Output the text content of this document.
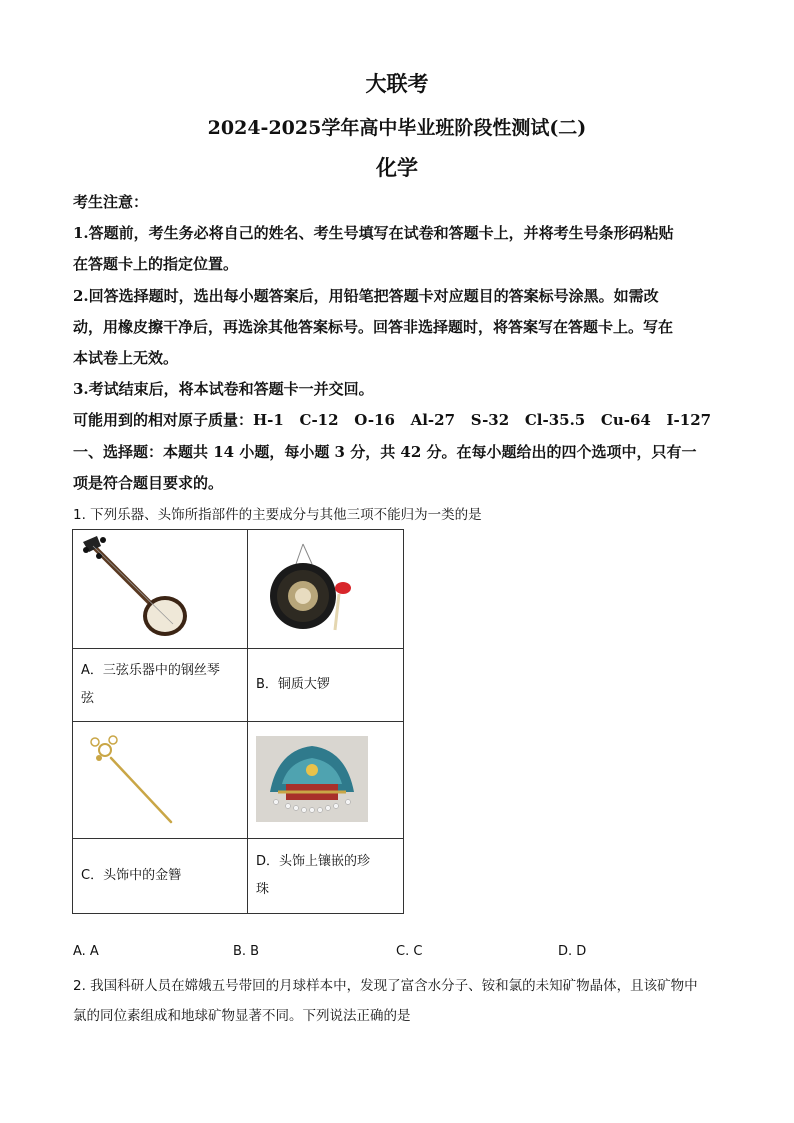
大联考
2024-2025学年高中毕业班阶段性测试(二)
化学
考生注意：
1.答题前，考生务必将自己的姓名、考生号填写在试卷和答题卡上，并将考生号条形码粘贴
在答题卡上的指定位置。
2.回答选择题时，选出每小题答案后，用铅笔把答题卡对应题目的答案标号涂黑。如需改
动，用橡皮擦干净后，再选涂其他答案标号。回答非选择题时，将答案写在答题卡上。写在
本试卷上无效。
3.考试结束后，将本试卷和答题卡一并交回。
可能用到的相对原子质量：H-1   C-12   O-16   Al-27   S-32   Cl-35.5   Cu-64   I-127
一、选择题：本题共 14 小题，每小题 3 分，共 42 分。在每小题给出的四个选项中，只有一
项是符合题目要求的。
1. 下列乐器、头饰所指部件的主要成分与其他三项不能归为一类的是

A．三弦乐器中的钢丝琴
弦	B．铜质大锣

C．头饰中的金簪	D．头饰上镶嵌的珍
珠
A. A	B. B	C. C	D. D
2. 我国科研人员在嫦娥五号带回的月球样本中，发现了富含水分子、铵和氯的未知矿物晶体，且该矿物中
氯的同位素组成和地球矿物显著不同。下列说法正确的是
